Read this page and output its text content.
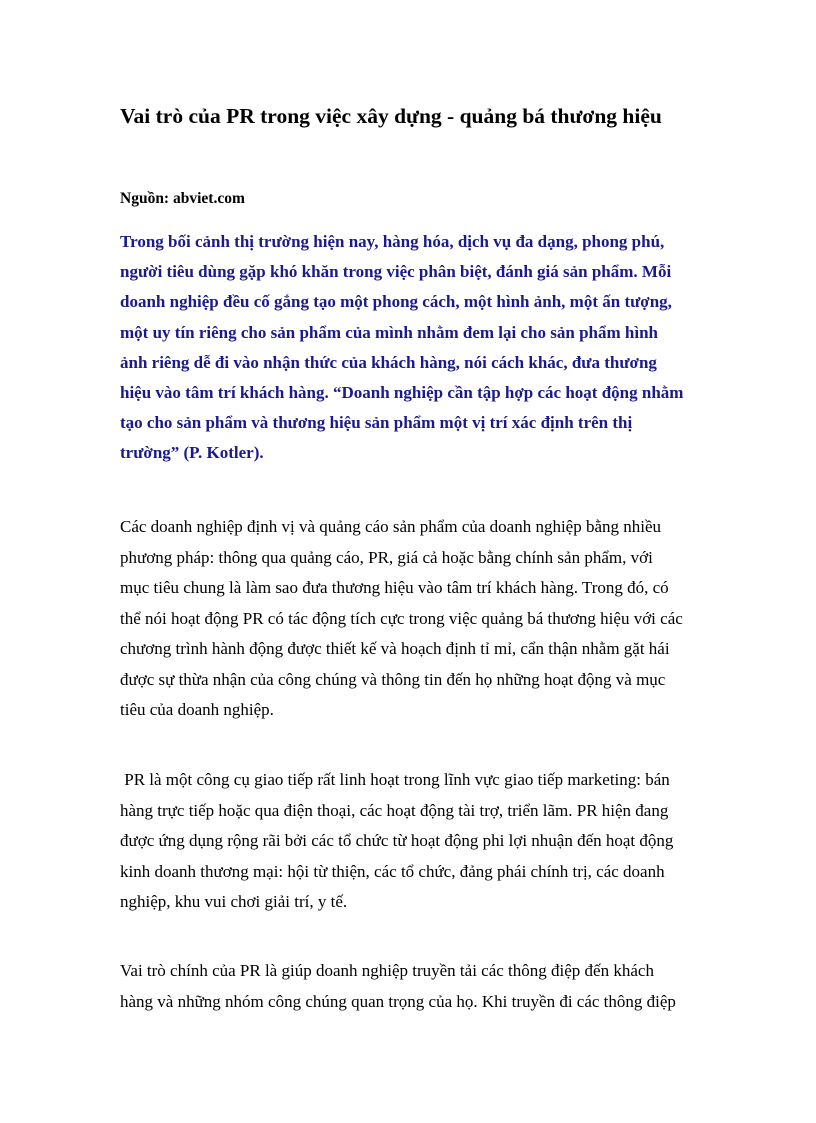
Vai trò của PR trong việc xây dựng - quảng bá thương hiệu

Nguồn: abviet.com

Trong bối cảnh thị trường hiện nay, hàng hóa, dịch vụ đa dạng, phong phú,
người tiêu dùng gặp khó khăn trong việc phân biệt, đánh giá sản phẩm. Mỗi
doanh nghiệp đều cố gắng tạo một phong cách, một hình ảnh, một ấn tượng,
một uy tín riêng cho sản phẩm của mình nhằm đem lại cho sản phẩm hình
ảnh riêng dễ đi vào nhận thức của khách hàng, nói cách khác, đưa thương
hiệu vào tâm trí khách hàng. “Doanh nghiệp cần tập hợp các hoạt động nhằm
tạo cho sản phẩm và thương hiệu sản phẩm một vị trí xác định trên thị
trường” (P. Kotler).

Các doanh nghiệp định vị và quảng cáo sản phẩm của doanh nghiệp bằng nhiều
phương pháp: thông qua quảng cáo, PR, giá cả hoặc bằng chính sản phẩm, với
mục tiêu chung là làm sao đưa thương hiệu vào tâm trí khách hàng. Trong đó, có
thể nói hoạt động PR có tác động tích cực trong việc quảng bá thương hiệu với các
chương trình hành động được thiết kế và hoạch định tỉ mỉ, cẩn thận nhằm gặt hái
được sự thừa nhận của công chúng và thông tin đến họ những hoạt động và mục
tiêu của doanh nghiệp.

PR là một công cụ giao tiếp rất linh hoạt trong lĩnh vực giao tiếp marketing: bán
hàng trực tiếp hoặc qua điện thoại, các hoạt động tài trợ, triển lãm. PR hiện đang
được ứng dụng rộng rãi bởi các tổ chức từ hoạt động phi lợi nhuận đến hoạt động
kinh doanh thương mại: hội từ thiện, các tổ chức, đảng phái chính trị, các doanh
nghiệp, khu vui chơi giải trí, y tế.

Vai trò chính của PR là giúp doanh nghiệp truyền tải các thông điệp đến khách
hàng và những nhóm công chúng quan trọng của họ. Khi truyền đi các thông điệp
